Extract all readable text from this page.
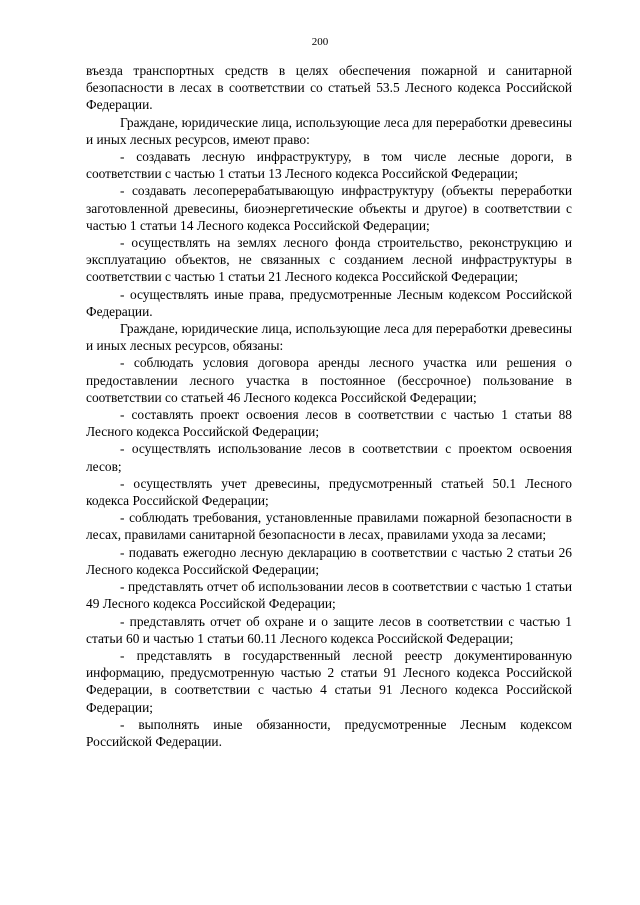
200

въезда транспортных средств в целях обеспечения пожарной и санитарной безопасности в лесах в соответствии со статьей 53.5 Лесного кодекса Российской Федерации.

Граждане, юридические лица, использующие леса для переработки древесины и иных лесных ресурсов, имеют право:

- создавать лесную инфраструктуру, в том числе лесные дороги, в соответствии с частью 1 статьи 13 Лесного кодекса Российской Федерации;

- создавать лесоперерабатывающую инфраструктуру (объекты переработки заготовленной древесины, биоэнергетические объекты и другое) в соответствии с частью 1 статьи 14 Лесного кодекса Российской Федерации;

- осуществлять на землях лесного фонда строительство, реконструкцию и эксплуатацию объектов, не связанных с созданием лесной инфраструктуры в соответствии с частью 1 статьи 21 Лесного кодекса Российской Федерации;

- осуществлять иные права, предусмотренные Лесным кодексом Российской Федерации.

Граждане, юридические лица, использующие леса для переработки древесины и иных лесных ресурсов, обязаны:

- соблюдать условия договора аренды лесного участка или решения о предоставлении лесного участка в постоянное (бессрочное) пользование в соответствии со статьей 46 Лесного кодекса Российской Федерации;

- составлять проект освоения лесов в соответствии с частью 1 статьи 88 Лесного кодекса Российской Федерации;

- осуществлять использование лесов в соответствии с проектом освоения лесов;

- осуществлять учет древесины, предусмотренный статьей 50.1 Лесного кодекса Российской Федерации;

- соблюдать требования, установленные правилами пожарной безопасности в лесах, правилами санитарной безопасности в лесах, правилами ухода за лесами;

- подавать ежегодно лесную декларацию в соответствии с частью 2 статьи 26 Лесного кодекса Российской Федерации;

- представлять отчет об использовании лесов в соответствии с частью 1 статьи 49 Лесного кодекса Российской Федерации;

- представлять отчет об охране и о защите лесов в соответствии с частью 1 статьи 60 и частью 1 статьи 60.11 Лесного кодекса Российской Федерации;

- представлять в государственный лесной реестр документированную информацию, предусмотренную частью 2 статьи 91 Лесного кодекса Российской Федерации, в соответствии с частью 4 статьи 91 Лесного кодекса Российской Федерации;

- выполнять иные обязанности, предусмотренные Лесным кодексом Российской Федерации.
